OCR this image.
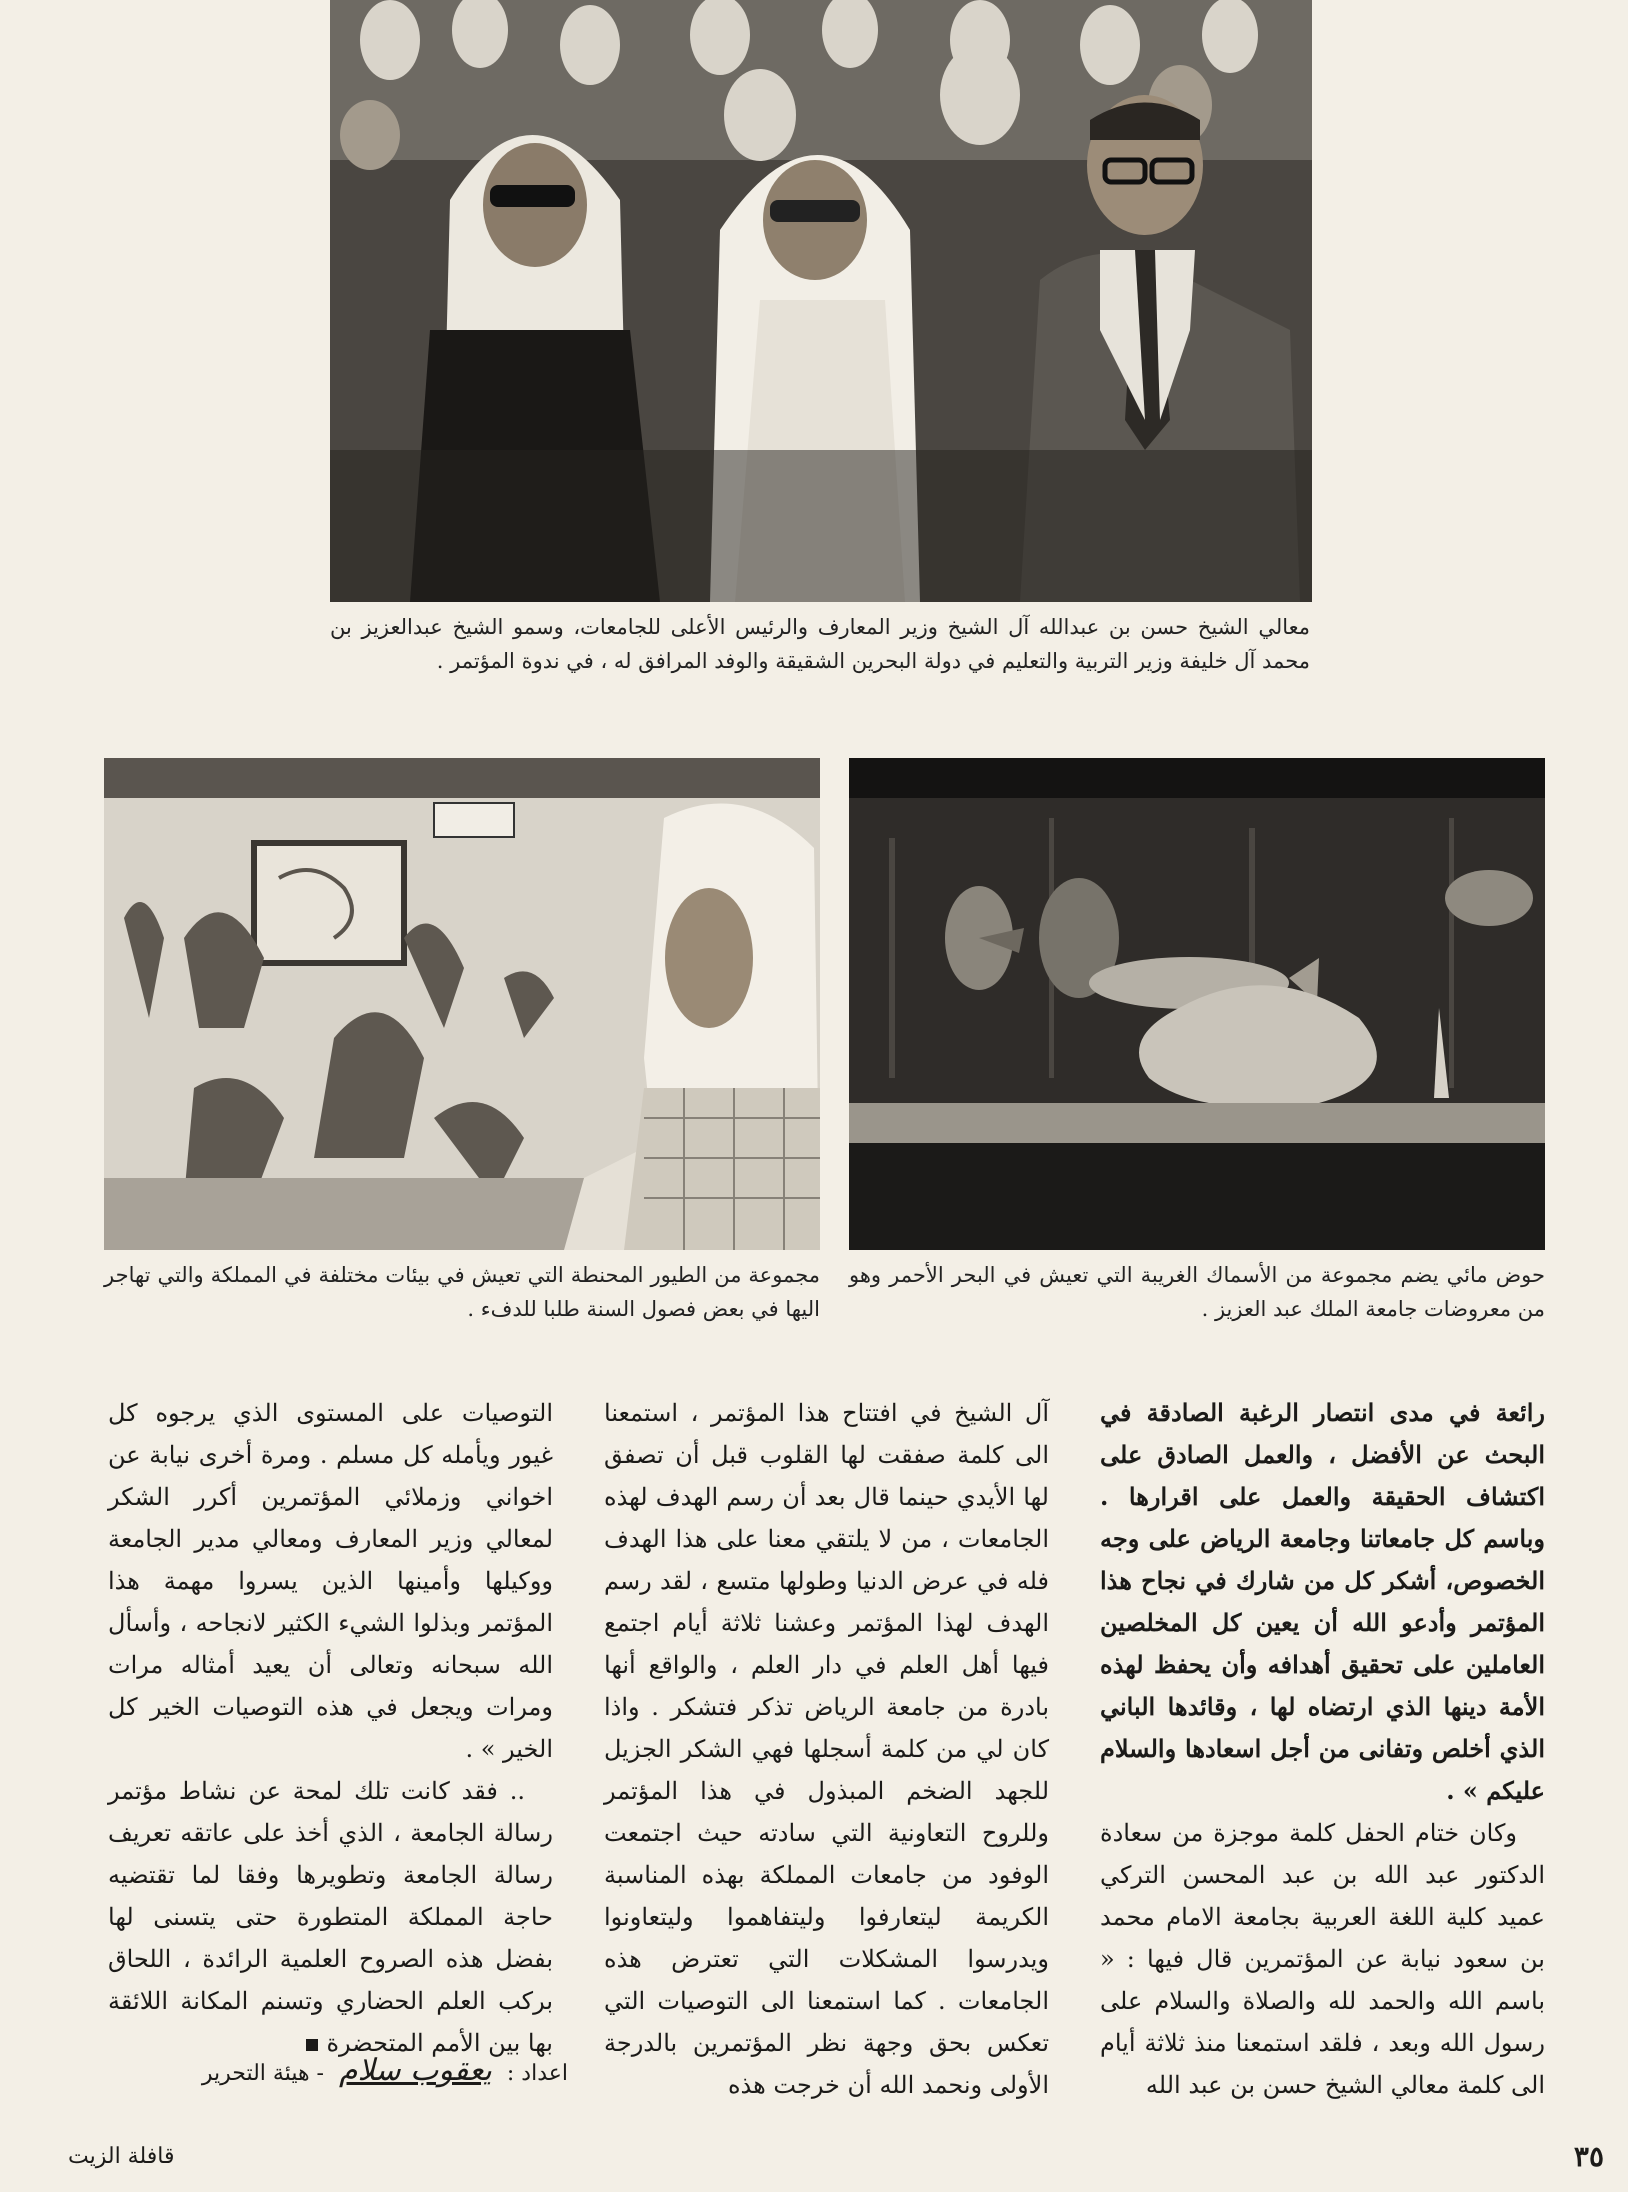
معالي الشيخ حسن بن عبدالله آل الشيخ وزير المعارف والرئيس الأعلى للجامعات، وسمو الشيخ عبدالعزيز بن محمد آل خليفة وزير التربية والتعليم في دولة البحرين الشقيقة والوفد المرافق له ، في ندوة المؤتمر .
حوض مائي يضم مجموعة من الأسماك الغريبة التي تعيش في البحر الأحمر وهو من معروضات جامعة الملك عبد العزيز .
مجموعة من الطيور المحنطة التي تعيش في بيئات مختلفة في المملكة والتي تهاجر اليها في بعض فصول السنة طلبا للدفء .

رائعة في مدى انتصار الرغبة الصادقة في البحث عن الأفضل ، والعمل الصادق على اكتشاف الحقيقة والعمل على اقرارها . وباسم كل جامعاتنا وجامعة الرياض على وجه الخصوص، أشكر كل من شارك في نجاح هذا المؤتمر وأدعو الله أن يعين كل المخلصين العاملين على تحقيق أهدافه وأن يحفظ لهذه الأمة دينها الذي ارتضاه لها ، وقائدها الباني الذي أخلص وتفانى من أجل اسعادها والسلام عليكم » .

وكان ختام الحفل كلمة موجزة من سعادة الدكتور عبد الله بن عبد المحسن التركي عميد كلية اللغة العربية بجامعة الامام محمد بن سعود نيابة عن المؤتمرين قال فيها : « باسم الله والحمد لله والصلاة والسلام على رسول الله وبعد ، فلقد استمعنا منذ ثلاثة أيام الى كلمة معالي الشيخ حسن بن عبد الله

آل الشيخ في افتتاح هذا المؤتمر ، استمعنا الى كلمة صفقت لها القلوب قبل أن تصفق لها الأيدي حينما قال بعد أن رسم الهدف لهذه الجامعات ، من لا يلتقي معنا على هذا الهدف فله في عرض الدنيا وطولها متسع ، لقد رسم الهدف لهذا المؤتمر وعشنا ثلاثة أيام اجتمع فيها أهل العلم في دار العلم ، والواقع أنها بادرة من جامعة الرياض تذكر فتشكر . واذا كان لي من كلمة أسجلها فهي الشكر الجزيل للجهد الضخم المبذول في هذا المؤتمر وللروح التعاونية التي سادته حيث اجتمعت الوفود من جامعات المملكة بهذه المناسبة الكريمة ليتعارفوا وليتفاهموا وليتعاونوا ويدرسوا المشكلات التي تعترض هذه الجامعات . كما استمعنا الى التوصيات التي تعكس بحق وجهة نظر المؤتمرين بالدرجة الأولى ونحمد الله أن خرجت هذه

التوصيات على المستوى الذي يرجوه كل غيور ويأمله كل مسلم . ومرة أخرى نيابة عن اخواني وزملائي المؤتمرين أكرر الشكر لمعالي وزير المعارف ومعالي مدير الجامعة ووكيلها وأمينها الذين يسروا مهمة هذا المؤتمر وبذلوا الشيء الكثير لانجاحه ، وأسأل الله سبحانه وتعالى أن يعيد أمثاله مرات ومرات ويجعل في هذه التوصيات الخير كل الخير » .

.. فقد كانت تلك لمحة عن نشاط مؤتمر رسالة الجامعة ، الذي أخذ على عاتقه تعريف رسالة الجامعة وتطويرها وفقا لما تقتضيه حاجة المملكة المتطورة حتى يتسنى لها بفضل هذه الصروح العلمية الرائدة ، اللحاق بركب العلم الحضاري وتسنم المكانة اللائقة بها بين الأمم المتحضرة

اعداد : يعقوب سلام - هيئة التحرير
٣٥
قافلة الزيت
